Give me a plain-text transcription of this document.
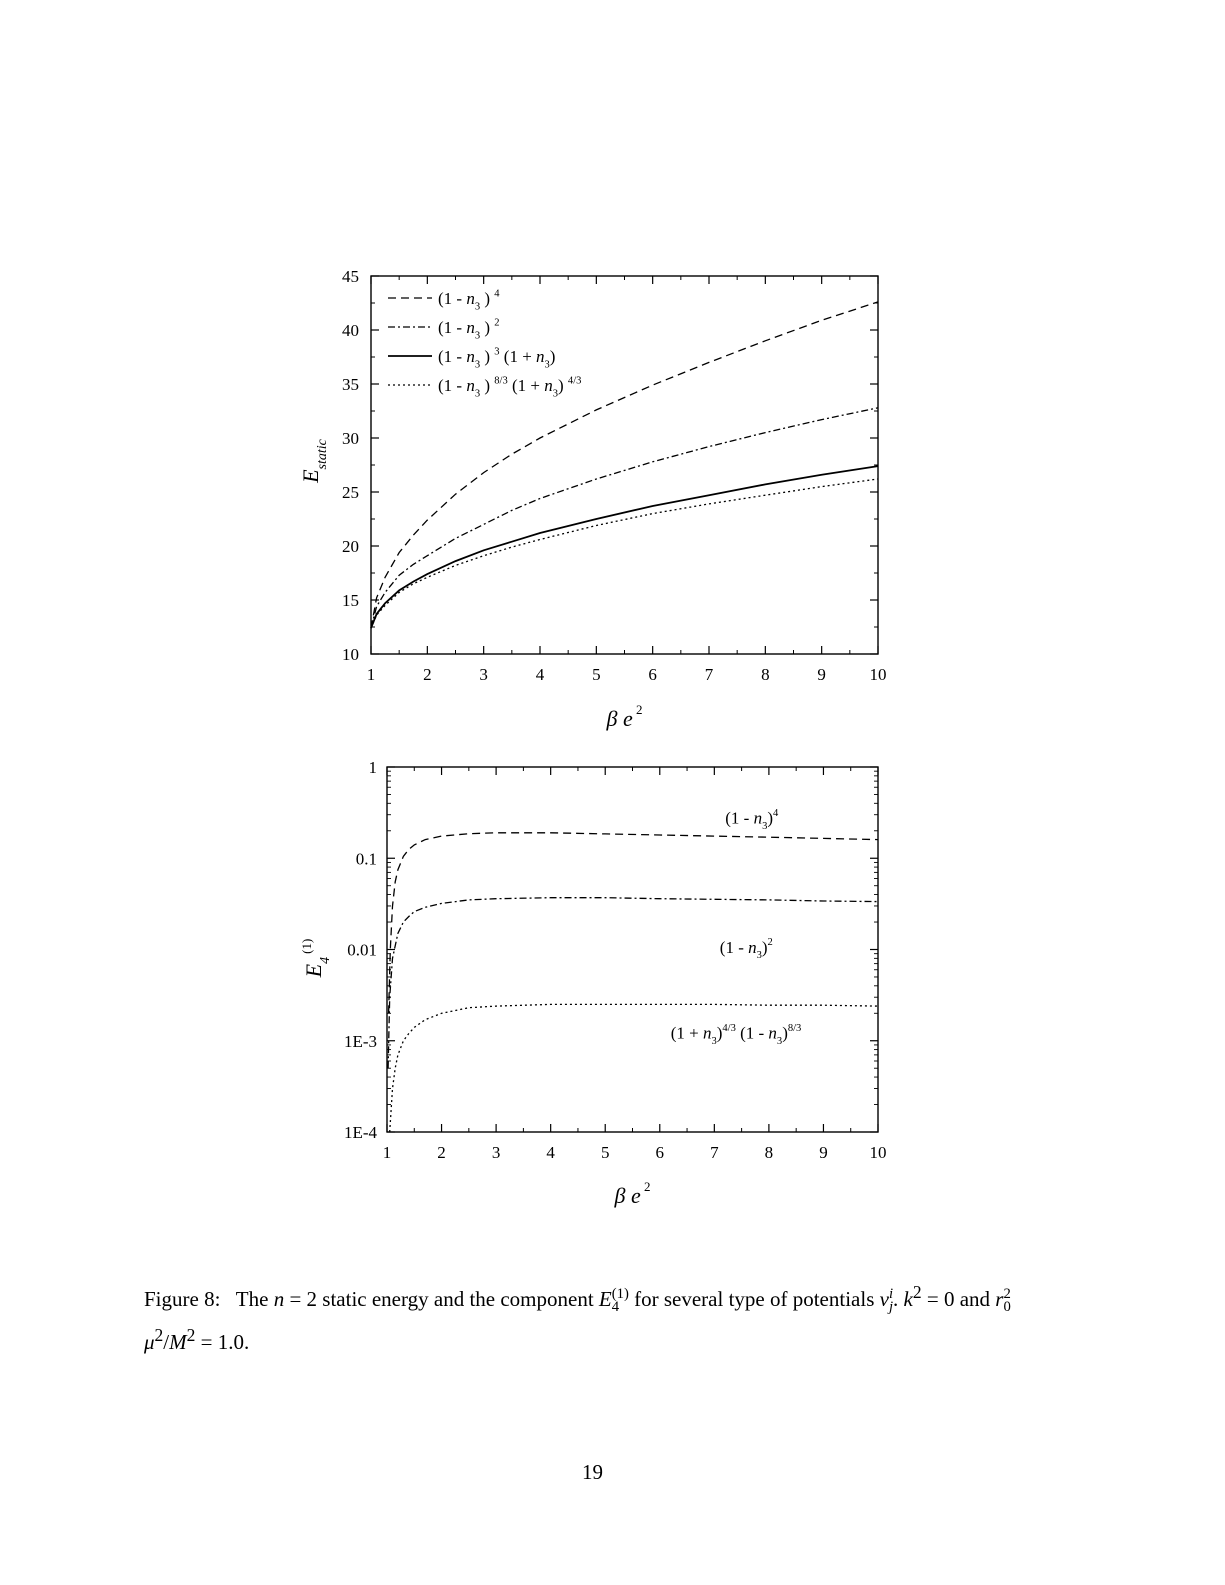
1	2	3	4	5	6	7	8	9	10
10
15
20
25
30
35
40
45
β e $^2$
$E_{static}$
($1 - n_3$ ) $^4$
($1 - n_3$ ) $^2$
($1 - n_3$ ) $^3$ $(1 + n_3)$
($1 - n_3$ ) $^{8/3}$ $(1 + n_3)$ $^{4/3}$
1	2	3	4	5	6	7	8	9 10
1E-4
1E-3
0.01
0.1
1
β e $^2$
$E_4^{(1)}$
$(1 - n_3)^4$
$(1 - n_3)^2$
$(1 + n_3)^{4/3}$ $(1 - n_3)^{8/3}$
Figure 8: The n = 2 static energy and the component E (1)
4 for several type of potentials v i
j . $k^2 = 0$ and r 2
0
$\mu^2/M^2 = 1.0$.
19
